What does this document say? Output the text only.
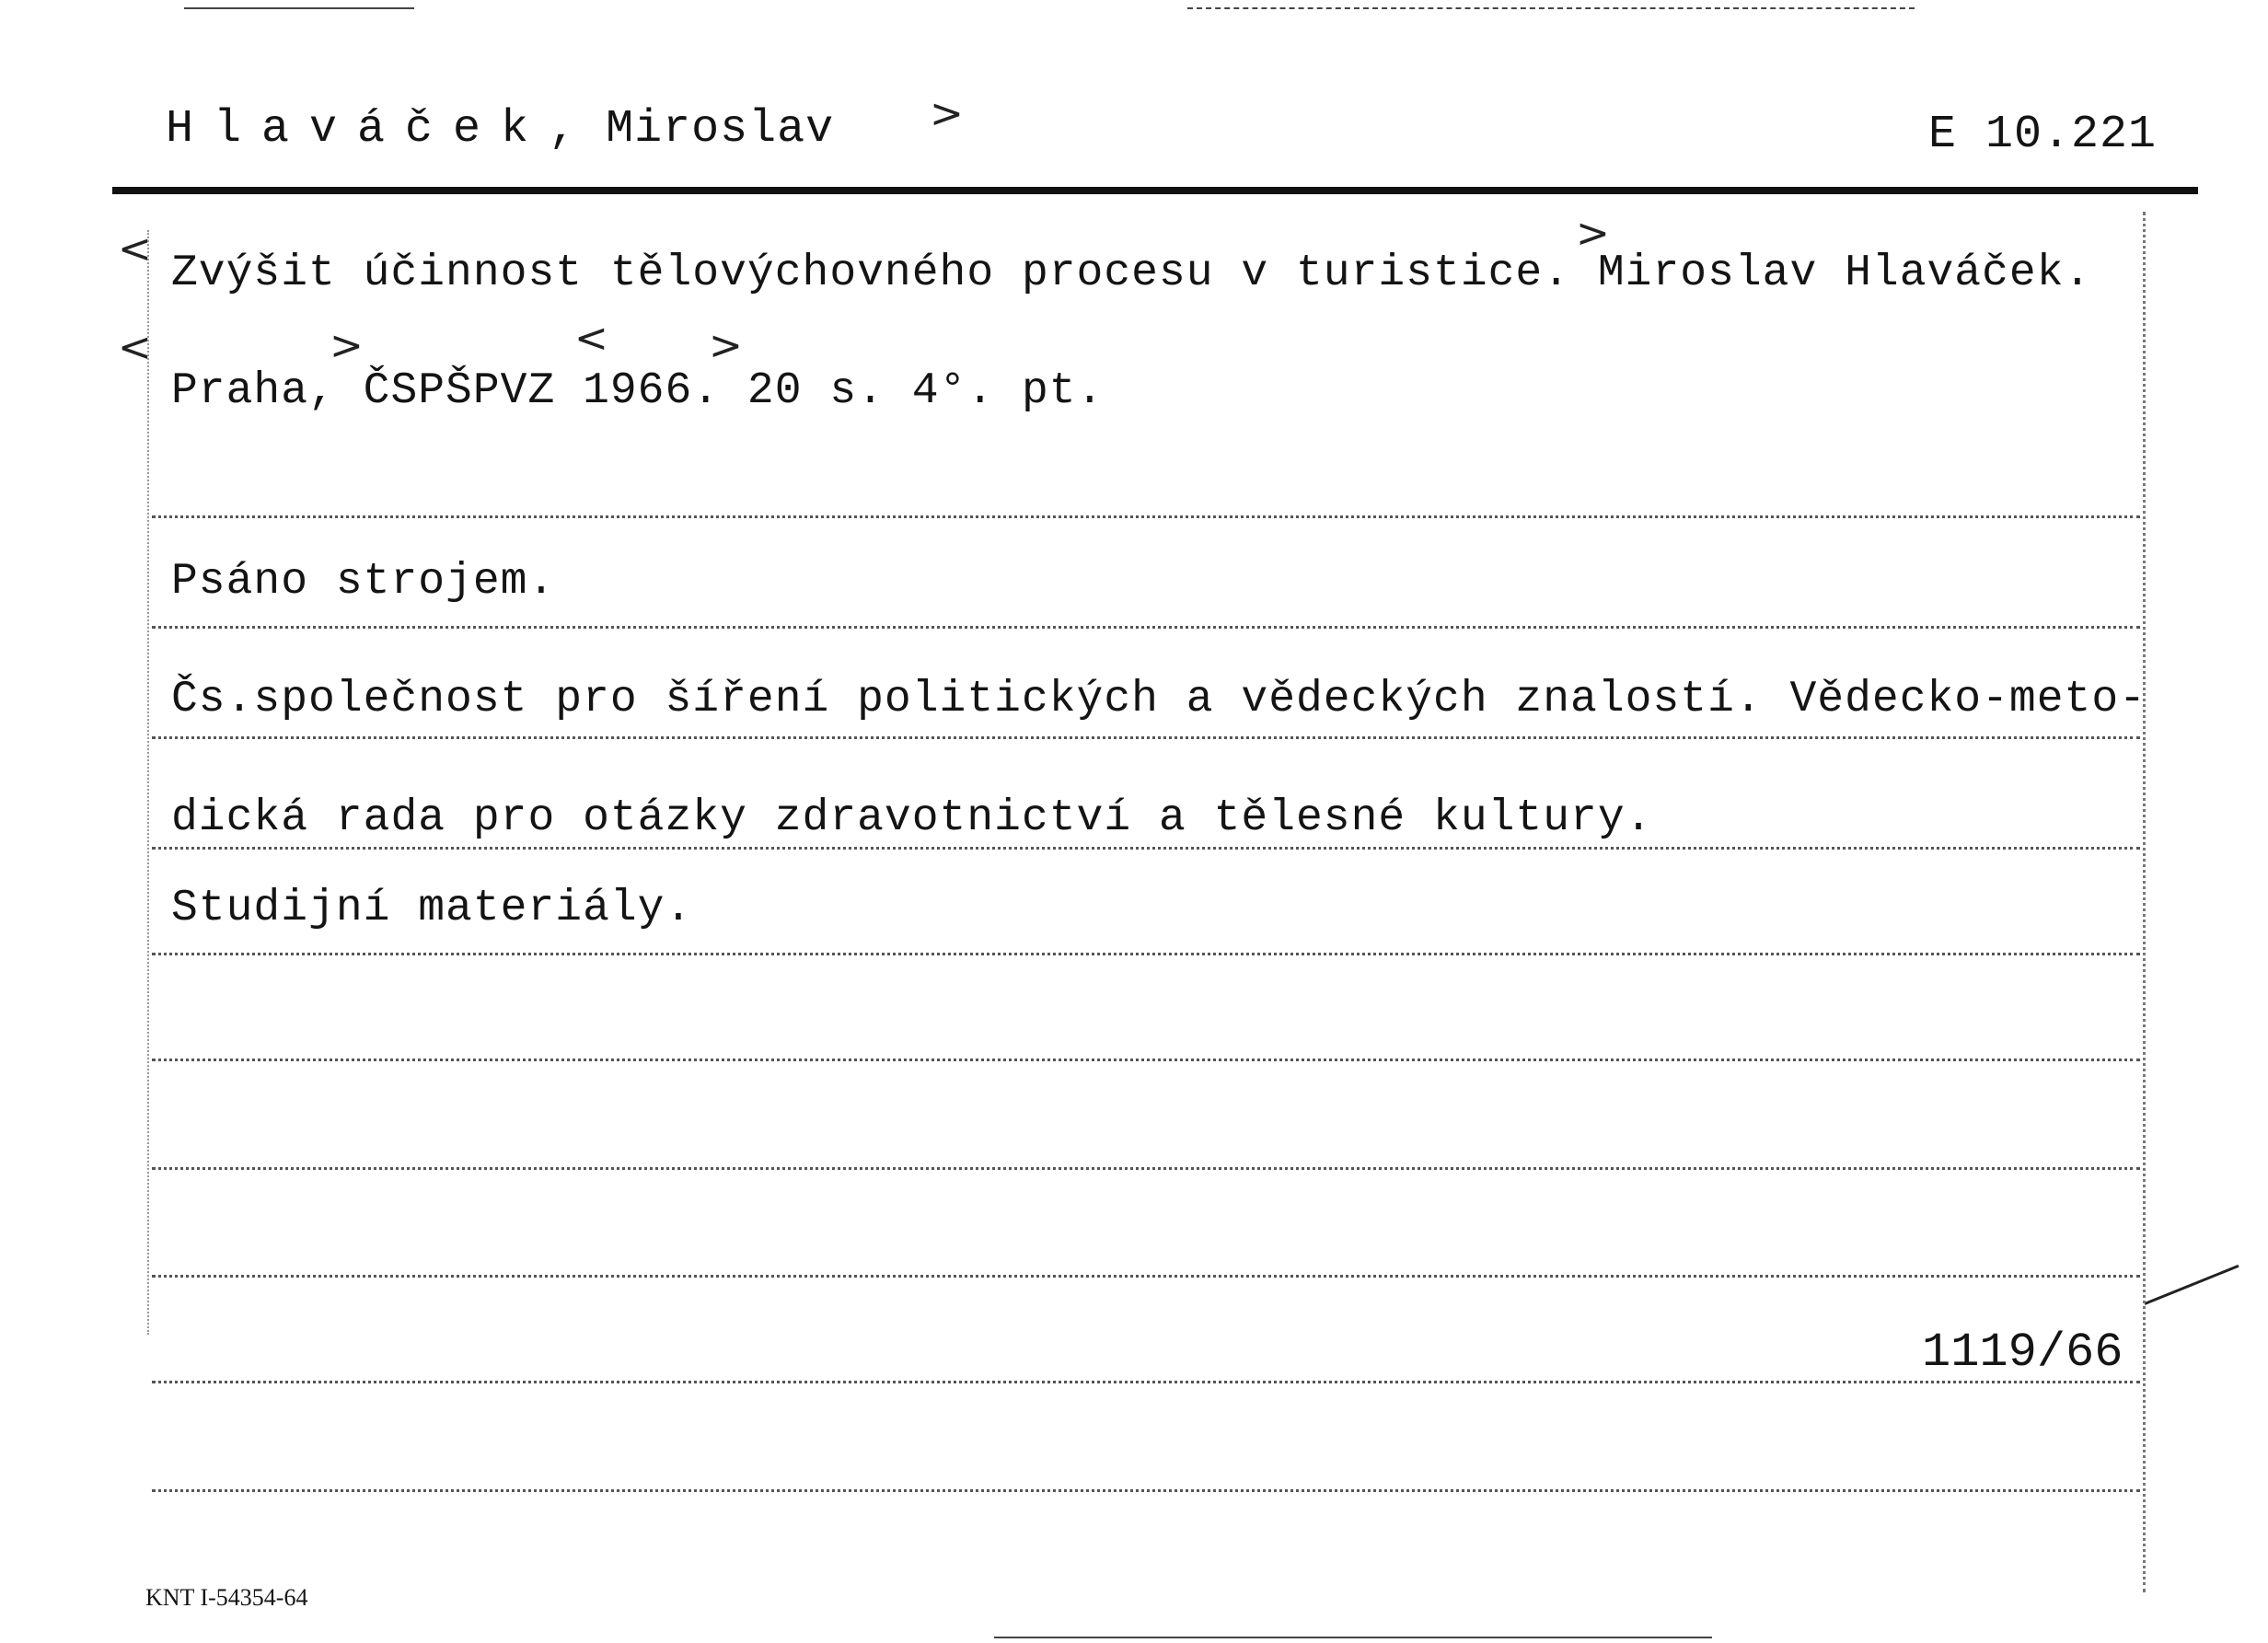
Hlaváček, Miroslav >	E 10.221
< Zvýšit účinnost tělovýchovného procesu v turistice. Miroslav Hlaváček.
>
<	>	< >
Praha, ČSPŠPVZ 1966. 20 s. 4°. pt.
Psáno strojem.
Čs.společnost pro šíření politických a vědeckých znalostí. Vědecko-meto-
dická rada pro otázky zdravotnictví a tělesné kultury.
Studijní materiály.
1119/66
KNT I-54354-64
